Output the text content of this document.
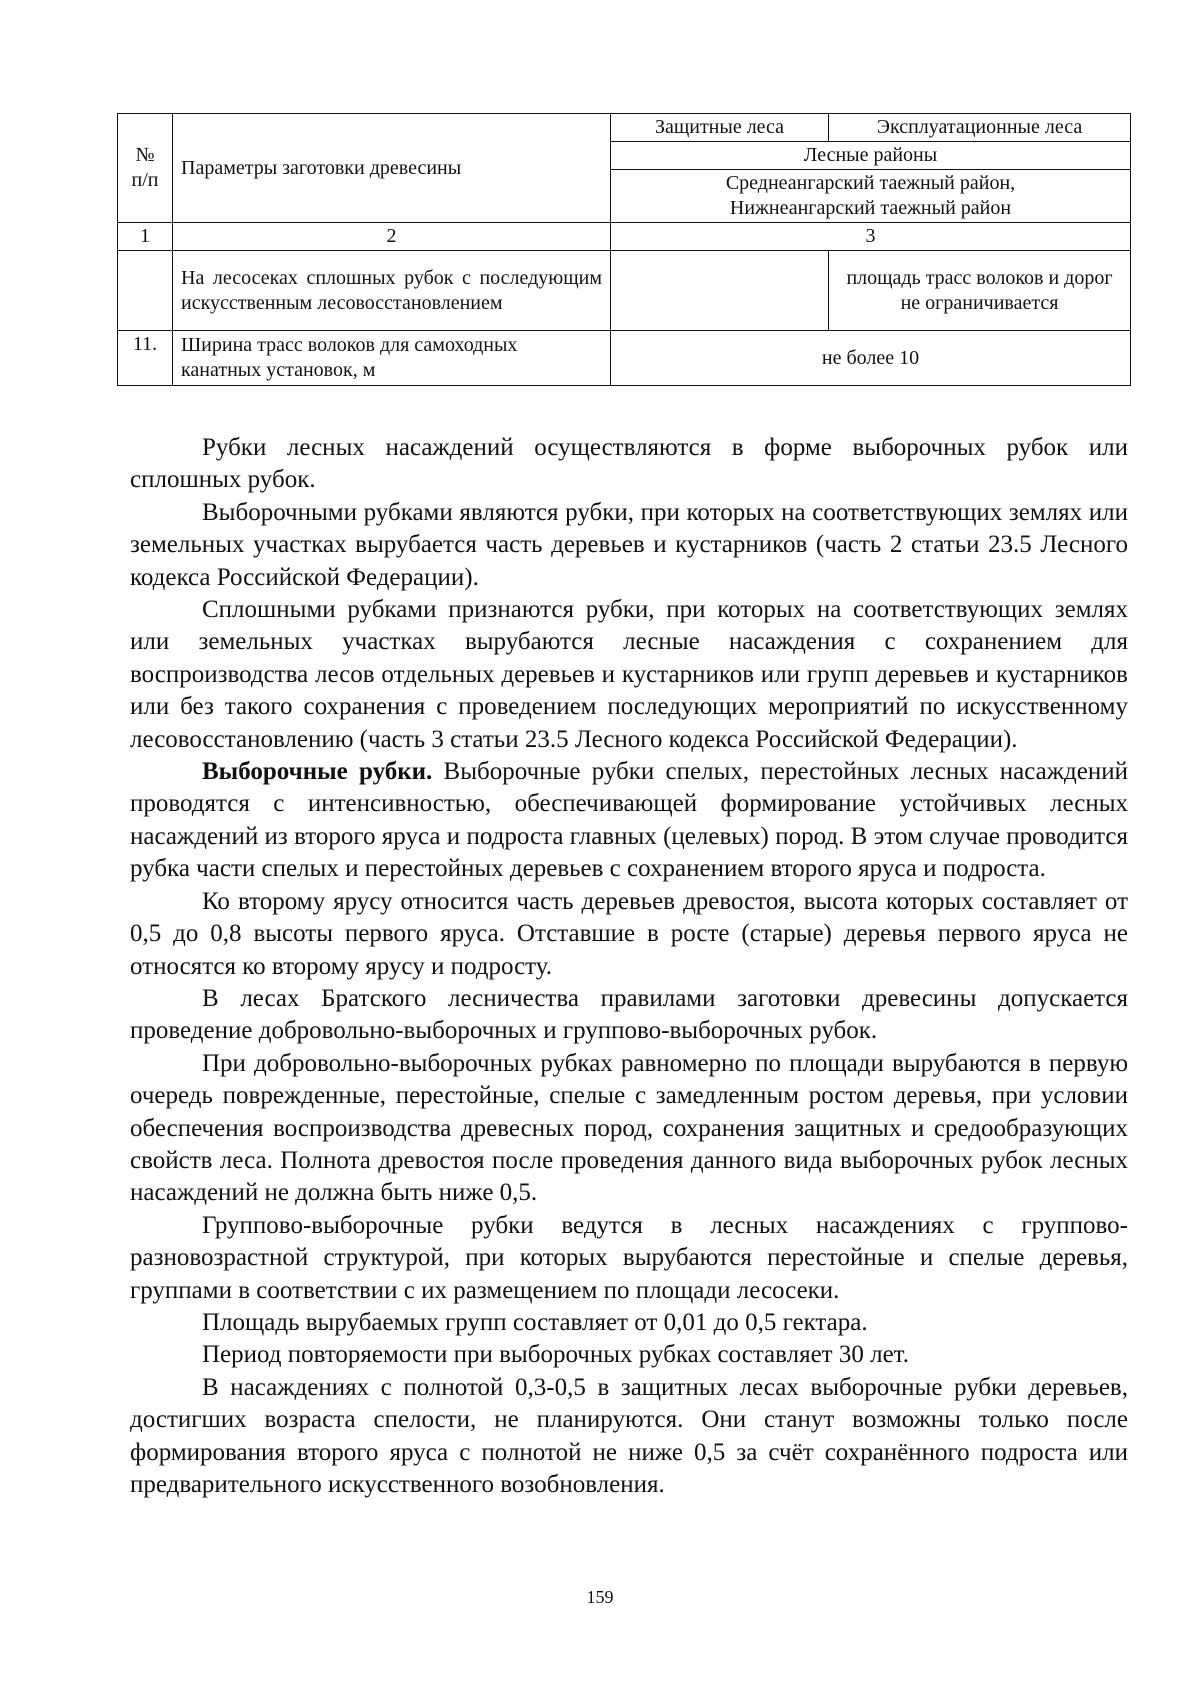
№ п/п	Параметры заготовки древесины	Защитные леса	Эксплуатационные леса
		Лесные районы	

		Среднеангарский таежный район,
Нижнеангарский таежный район	

1	2	3	
	На лесосеках сплошных рубок с последующим искусственным лесовосстановлением		площадь трасс волоков и дорог не ограничивается
11.	Ширина трасс волоков для самоходных канатных установок, м	не более 10	

Рубки лесных насаждений осуществляются в форме выборочных рубок или сплошных рубок.

Выборочными рубками являются рубки, при которых на соответствующих землях или земельных участках вырубается часть деревьев и кустарников (часть 2 статьи 23.5 Лесного кодекса Российской Федерации).

Сплошными рубками признаются рубки, при которых на соответствующих землях или земельных участках вырубаются лесные насаждения с сохранением для воспроизводства лесов отдельных деревьев и кустарников или групп деревьев и кустарников или без такого сохранения с проведением последующих мероприятий по искусственному лесовосстановлению (часть 3 статьи 23.5 Лесного кодекса Российской Федерации).

Выборочные рубки. Выборочные рубки спелых, перестойных лесных насаждений проводятся с интенсивностью, обеспечивающей формирование устойчивых лесных насаждений из второго яруса и подроста главных (целевых) пород. В этом случае проводится рубка части спелых и перестойных деревьев с сохранением второго яруса и подроста.

Ко второму ярусу относится часть деревьев древостоя, высота которых составляет от 0,5 до 0,8 высоты первого яруса. Отставшие в росте (старые) деревья первого яруса не относятся ко второму ярусу и подросту.

В лесах Братского лесничества правилами заготовки древесины допускается проведение добровольно-выборочных и группово-выборочных рубок.

При добровольно-выборочных рубках равномерно по площади вырубаются в первую очередь поврежденные, перестойные, спелые с замедленным ростом деревья, при условии обеспечения воспроизводства древесных пород, сохранения защитных и средообразующих свойств леса. Полнота древостоя после проведения данного вида выборочных рубок лесных насаждений не должна быть ниже 0,5.

Группово-выборочные рубки ведутся в лесных насаждениях с группово-разновозрастной структурой, при которых вырубаются перестойные и спелые деревья, группами в соответствии с их размещением по площади лесосеки.

Площадь вырубаемых групп составляет от 0,01 до 0,5 гектара.

Период повторяемости при выборочных рубках составляет 30 лет.

В насаждениях с полнотой 0,3-0,5 в защитных лесах выборочные рубки деревьев, достигших возраста спелости, не планируются. Они станут возможны только после формирования второго яруса с полнотой не ниже 0,5 за счёт сохранённого подроста или предварительного искусственного возобновления.

159
